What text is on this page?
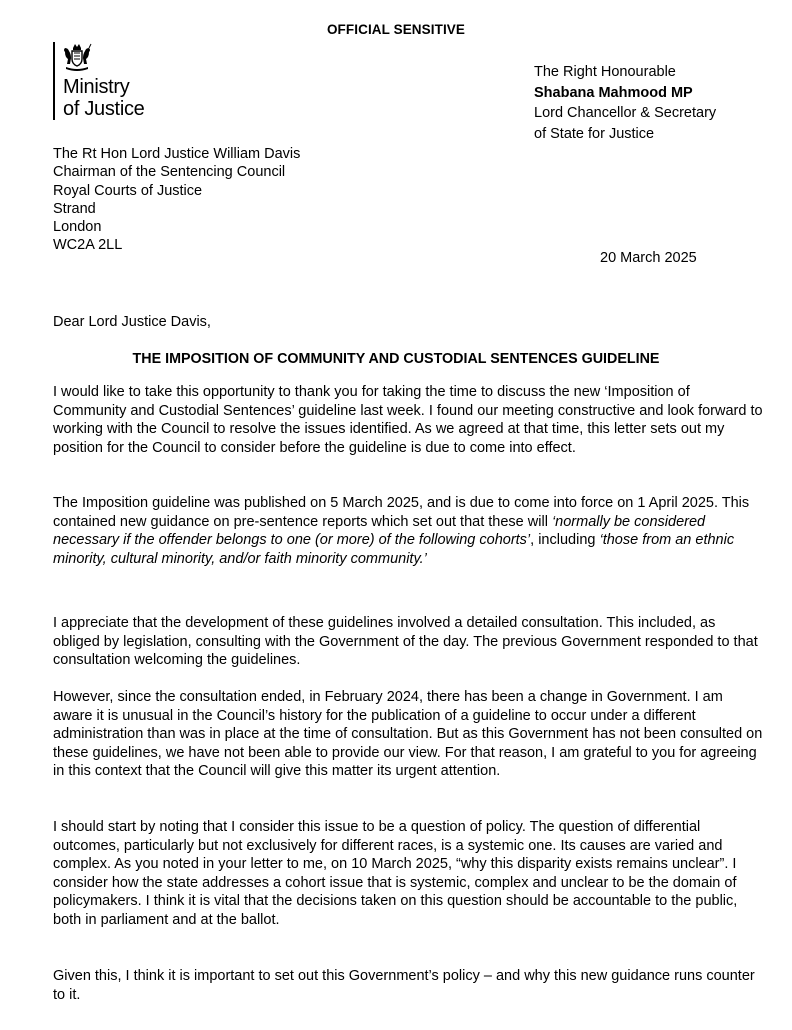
OFFICIAL SENSITIVE
Ministry
of Justice
The Right Honourable
Shabana Mahmood MP
Lord Chancellor & Secretary
of State for Justice
The Rt Hon Lord Justice William Davis
Chairman of the Sentencing Council
Royal Courts of Justice
Strand
London
WC2A 2LL
20 March 2025
Dear Lord Justice Davis,
THE IMPOSITION OF COMMUNITY AND CUSTODIAL SENTENCES GUIDELINE

I would like to take this opportunity to thank you for taking the time to discuss the new ‘Imposition of Community and Custodial Sentences’ guideline last week. I found our meeting constructive and look forward to working with the Council to resolve the issues identified. As we agreed at that time, this letter sets out my position for the Council to consider before the guideline is due to come into effect.

The Imposition guideline was published on 5 March 2025, and is due to come into force on 1 April 2025. This contained new guidance on pre-sentence reports which set out that these will ‘normally be considered necessary if the offender belongs to one (or more) of the following cohorts’, including ‘those from an ethnic minority, cultural minority, and/or faith minority community.’

I appreciate that the development of these guidelines involved a detailed consultation. This included, as obliged by legislation, consulting with the Government of the day. The previous Government responded to that consultation welcoming the guidelines.

However, since the consultation ended, in February 2024, there has been a change in Government. I am aware it is unusual in the Council’s history for the publication of a guideline to occur under a different administration than was in place at the time of consultation. But as this Government has not been consulted on these guidelines, we have not been able to provide our view. For that reason, I am grateful to you for agreeing in this context that the Council will give this matter its urgent attention.

I should start by noting that I consider this issue to be a question of policy. The question of differential outcomes, particularly but not exclusively for different races, is a systemic one. Its causes are varied and complex. As you noted in your letter to me, on 10 March 2025, “why this disparity exists remains unclear”. I consider how the state addresses a cohort issue that is systemic, complex and unclear to be the domain of policymakers. I think it is vital that the decisions taken on this question should be accountable to the public, both in parliament and at the ballot.

Given this, I think it is important to set out this Government’s policy – and why this new guidance runs counter to it.
